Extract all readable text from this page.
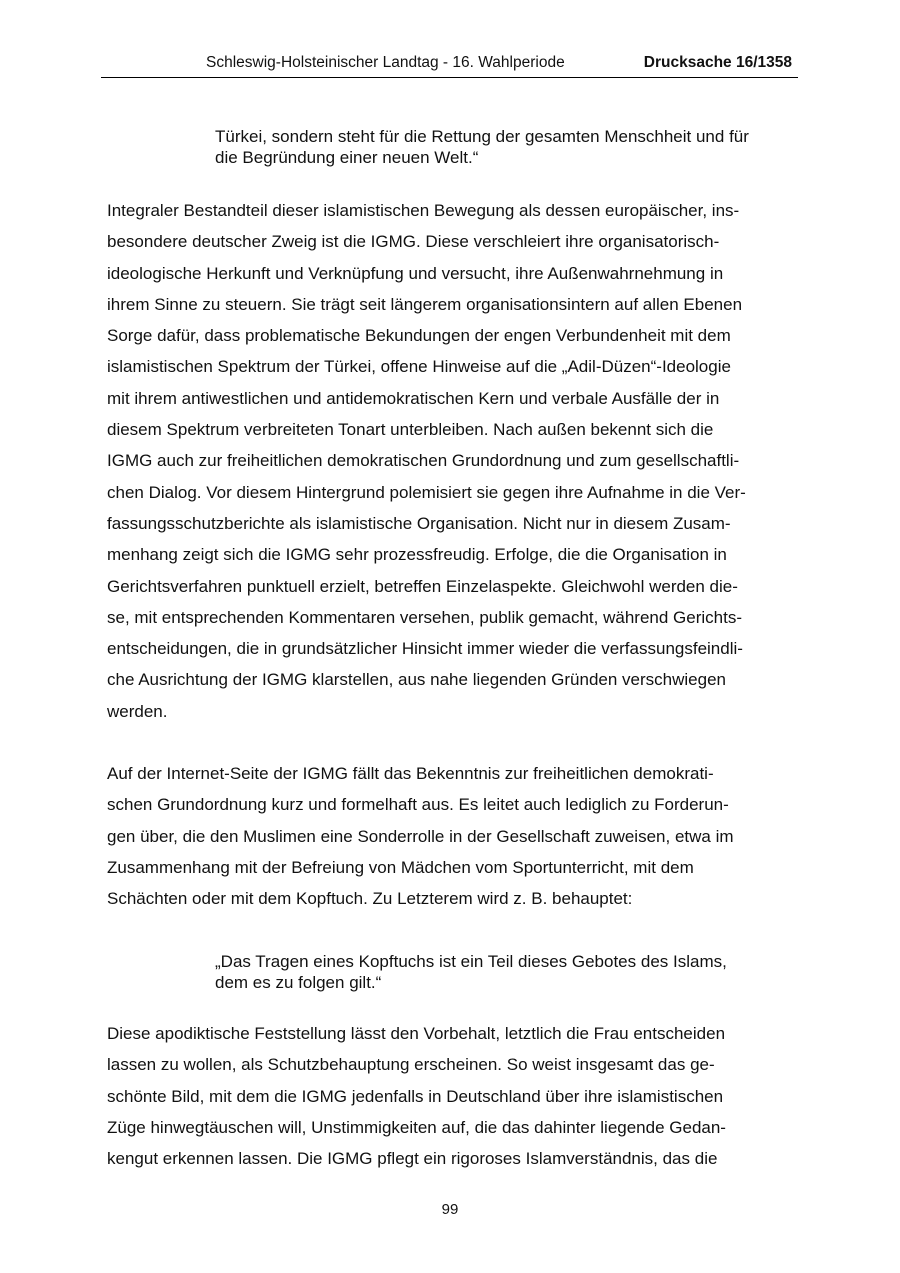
Schleswig-Holsteinischer Landtag - 16. Wahlperiode	Drucksache 16/1358
Türkei, sondern steht für die Rettung der gesamten Menschheit und für
die Begründung einer neuen Welt.“
Integraler Bestandteil dieser islamistischen Bewegung als dessen europäischer, ins-
besondere deutscher Zweig ist die IGMG. Diese verschleiert ihre organisatorisch-
ideologische Herkunft und Verknüpfung und versucht, ihre Außenwahrnehmung in
ihrem Sinne zu steuern. Sie trägt seit längerem organisationsintern auf allen Ebenen
Sorge dafür, dass problematische Bekundungen der engen Verbundenheit mit dem
islamistischen Spektrum der Türkei, offene Hinweise auf die „Adil-Düzen“-Ideologie
mit ihrem antiwestlichen und antidemokratischen Kern und verbale Ausfälle der in
diesem Spektrum verbreiteten Tonart unterbleiben. Nach außen bekennt sich die
IGMG auch zur freiheitlichen demokratischen Grundordnung und zum gesellschaftli-
chen Dialog. Vor diesem Hintergrund polemisiert sie gegen ihre Aufnahme in die Ver-
fassungsschutzberichte als islamistische Organisation. Nicht nur in diesem Zusam-
menhang zeigt sich die IGMG sehr prozessfreudig. Erfolge, die die Organisation in
Gerichtsverfahren punktuell erzielt, betreffen Einzelaspekte. Gleichwohl werden die-
se, mit entsprechenden Kommentaren versehen, publik gemacht, während Gerichts-
entscheidungen, die in grundsätzlicher Hinsicht immer wieder die verfassungsfeindli-
che Ausrichtung der IGMG klarstellen, aus nahe liegenden Gründen verschwiegen
werden.
Auf der Internet-Seite der IGMG fällt das Bekenntnis zur freiheitlichen demokrati-
schen Grundordnung kurz und formelhaft aus. Es leitet auch lediglich zu Forderun-
gen über, die den Muslimen eine Sonderrolle in der Gesellschaft zuweisen, etwa im
Zusammenhang mit der Befreiung von Mädchen vom Sportunterricht, mit dem
Schächten oder mit dem Kopftuch. Zu Letzterem wird z. B. behauptet:
„Das Tragen eines Kopftuchs ist ein Teil dieses Gebotes des Islams,
dem es zu folgen gilt.“
Diese apodiktische Feststellung lässt den Vorbehalt, letztlich die Frau entscheiden
lassen zu wollen, als Schutzbehauptung erscheinen. So weist insgesamt das ge-
schönte Bild, mit dem die IGMG jedenfalls in Deutschland über ihre islamistischen
Züge hinwegtäuschen will, Unstimmigkeiten auf, die das dahinter liegende Gedan-
kengut erkennen lassen. Die IGMG pflegt ein rigoroses Islamverständnis, das die
99
